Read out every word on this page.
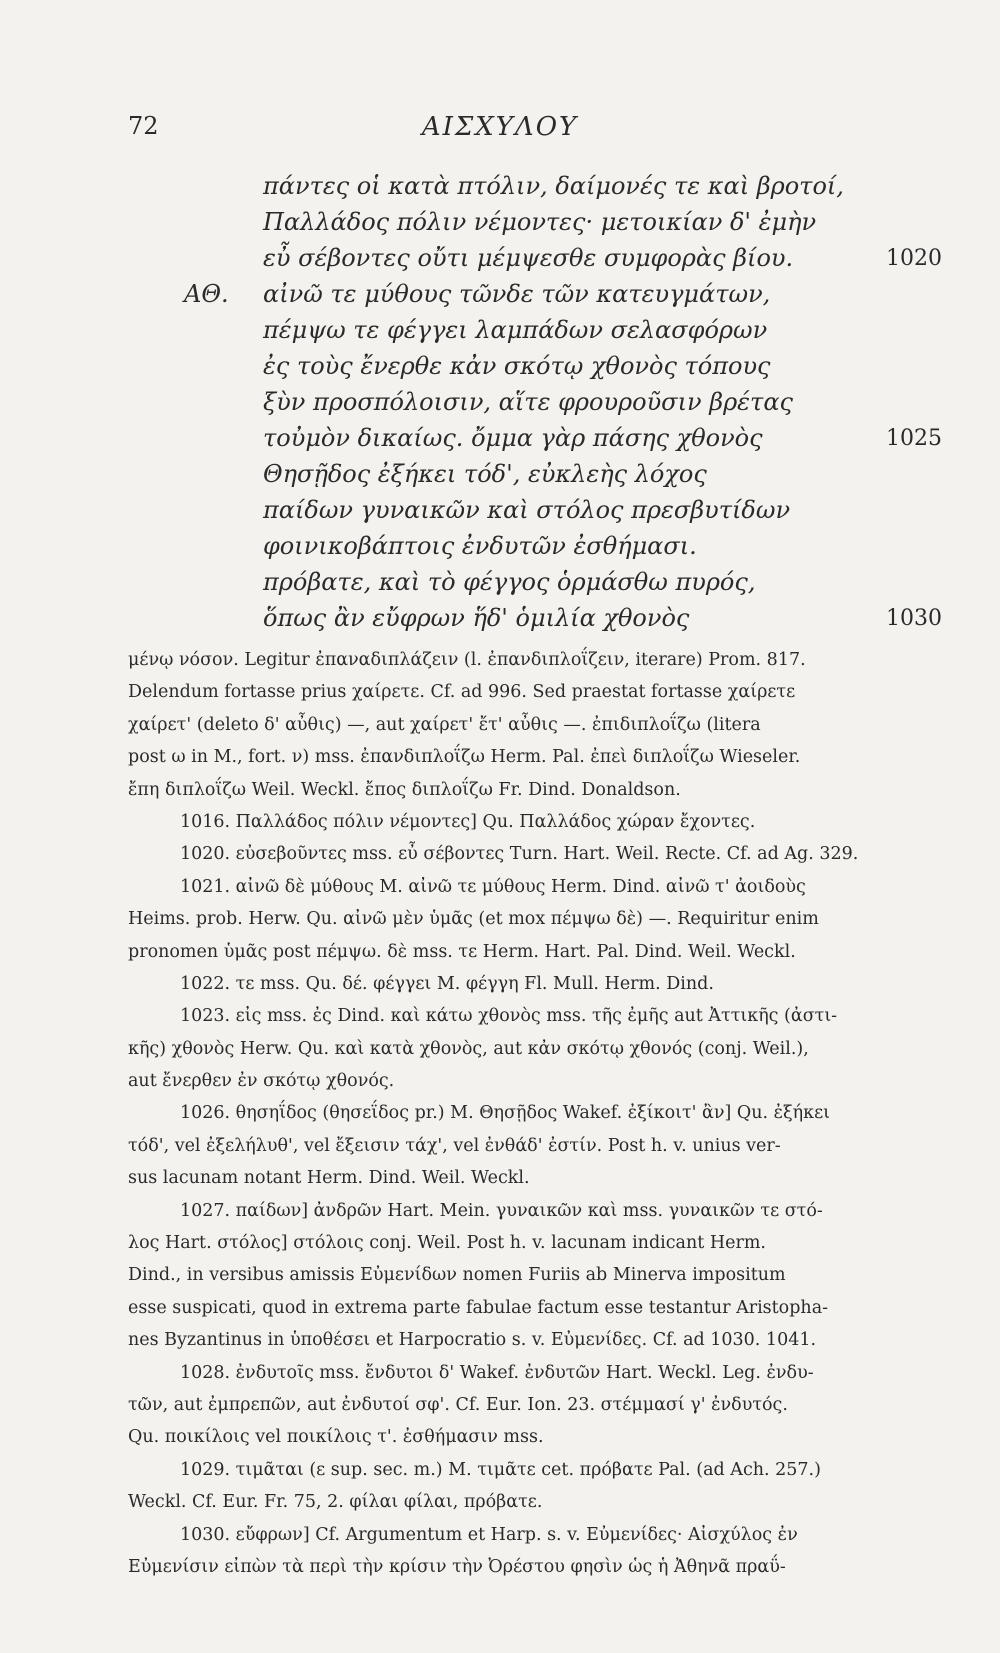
72	ΑΙΣΧΥΛΟΥ
πάντες οἱ κατὰ πτόλιν, δαίμονές τε καὶ βροτοί,
Παλλάδος πόλιν νέμοντες· μετοικίαν δ' ἐμὴν
εὖ σέβοντες οὔτι μέμψεσθε συμφορὰς βίου.	1020
ΑΘ. αἰνῶ τε μύθους τῶνδε τῶν κατευγμάτων,
πέμψω τε φέγγει λαμπάδων σελασφόρων
ἐς τοὺς ἔνερθε κἀν σκότῳ χθονὸς τόπους
ξὺν προσπόλοισιν, αἵτε φρουροῦσιν βρέτας
τοὐμὸν δικαίως. ὄμμα γὰρ πάσης χθονὸς	1025
Θησῇδος ἐξήκει τόδ', εὐκλεὴς λόχος
παίδων γυναικῶν καὶ στόλος πρεσβυτίδων
φοινικοβάπτοις ἐνδυτῶν ἐσθήμασι.
πρόβατε, καὶ τὸ φέγγος ὁρμάσθω πυρός,
ὅπως ἂν εὔφρων ἥδ' ὁμιλία χθονὸς	1030
μένῳ νόσον. Legitur ἐπαναδιπλάζειν (l. ἐπανδιπλοΐζειν, iterare) Prom. 817.
Delendum fortasse prius χαίρετε. Cf. ad 996. Sed praestat fortasse χαίρετε
χαίρετ' (deleto δ' αὖθις) —, aut χαίρετ' ἔτ' αὖθις —. ἐπιδιπλοΐζω (litera
post ω in M., fort. ν) mss. ἐπανδιπλοΐζω Herm. Pal. ἐπεὶ διπλοΐζω Wieseler.
ἔπη διπλοΐζω Weil. Weckl. ἔπος διπλοΐζω Fr. Dind. Donaldson.
1016. Παλλάδος πόλιν νέμοντες] Qu. Παλλάδος χώραν ἔχοντες.
1020. εὐσεβοῦντες mss. εὖ σέβοντες Turn. Hart. Weil. Recte. Cf. ad Ag. 329.
1021. αἰνῶ δὲ μύθους M. αἰνῶ τε μύθους Herm. Dind. αἰνῶ τ' ἀοιδοὺς
Heims. prob. Herw. Qu. αἰνῶ μὲν ὑμᾶς (et mox πέμψω δὲ) —. Requiritur enim
pronomen ὑμᾶς post πέμψω. δὲ mss. τε Herm. Hart. Pal. Dind. Weil. Weckl.
1022. τε mss. Qu. δέ. φέγγει M. φέγγη Fl. Mull. Herm. Dind.
1023. εἰς mss. ἐς Dind. καὶ κάτω χθονὸς mss. τῆς ἐμῆς aut Ἀττικῆς (ἀστι-
κῆς) χθονὸς Herw. Qu. καὶ κατὰ χθονὸς, aut κἀν σκότῳ χθονός (conj. Weil.),
aut ἔνερθεν ἐν σκότῳ χθονός.
1026. θησηΐδος (θησεΐδος pr.) M. Θησῇδος Wakef. ἐξίκοιτ' ἂν] Qu. ἐξήκει
τόδ', vel ἐξελήλυθ', vel ἔξεισιν τάχ', vel ἐνθάδ' ἐστίν. Post h. v. unius ver-
sus lacunam notant Herm. Dind. Weil. Weckl.
1027. παίδων] ἀνδρῶν Hart. Mein. γυναικῶν καὶ mss. γυναικῶν τε στό-
λος Hart. στόλος] στόλοις conj. Weil. Post h. v. lacunam indicant Herm.
Dind., in versibus amissis Εὐμενίδων nomen Furiis ab Minerva impositum
esse suspicati, quod in extrema parte fabulae factum esse testantur Aristopha-
nes Byzantinus in ὑποθέσει et Harpocratio s. v. Εὐμενίδες. Cf. ad 1030. 1041.
1028. ἐνδυτοῖς mss. ἔνδυτοι δ' Wakef. ἐνδυτῶν Hart. Weckl. Leg. ἐνδυ-
τῶν, aut ἐμπρεπῶν, aut ἐνδυτοί σφ'. Cf. Eur. Ion. 23. στέμμασί γ' ἐνδυτός.
Qu. ποικίλοις vel ποικίλοις τ'. ἐσθήμασιν mss.
1029. τιμᾶται (ε sup. sec. m.) M. τιμᾶτε cet. πρόβατε Pal. (ad Ach. 257.)
Weckl. Cf. Eur. Fr. 75, 2. φίλαι φίλαι, πρόβατε.
1030. εὔφρων] Cf. Argumentum et Harp. s. v. Εὐμενίδες· Αἰσχύλος ἐν
Εὐμενίσιν εἰπὼν τὰ περὶ τὴν κρίσιν τὴν Ὀρέστου φησὶν ὡς ἡ Ἀθηνᾶ πραΰ-
